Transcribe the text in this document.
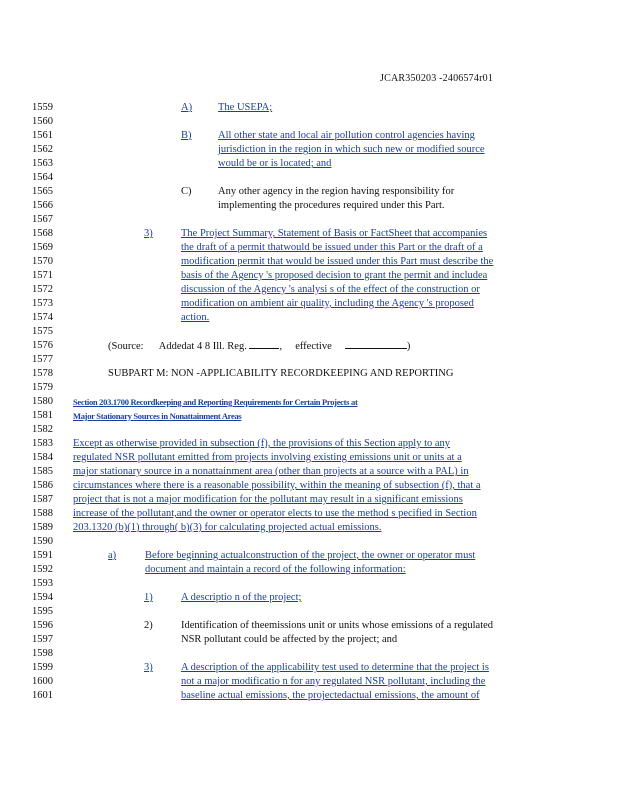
JCAR350203 -2406574r01
1559
1560
1561
1562
1563
1564
1565
1566
1567
1568
1569
1570
1571
1572
1573
1574
1575
1576
1577
1578
1579
1580
1581
1582
1583
1584
1585
1586
1587
1588
1589
1590
1591
1592
1593
1594
1595
1596
1597
1598
1599
1600
1601
A) The USEPA;
B)	All other state and local air pollution control agencies having
jurisdiction in the region in which such new or modified source
would be or is located; and
C)	Any other agency in the region having responsibility for
implementing the procedures required under this Part.
3)	The Project Summary, Statement of Basis or FactSheet that accompanies
the draft of a permit thatwould be issued under this Part or the draft of a
modification permit that would be issued under this Part must describe the
basis of the Agency 's proposed decision to grant the permit and includea
discussion of the Agency 's analysi s of the effect of the construction or
modification on ambient air quality, including the Agency 's proposed
action.
(Source: Addedat 4 8 Ill. Reg.	, effective	)
SUBPART M: NON -APPLICABILITY RECORDKEEPING AND REPORTING
Section 203.1700 Recordkeeping and Reporting Requirements for Certain Projects at
Major Stationary Sources in Nonattainment Areas
Except as otherwise provided in subsection (f), the provisions of this Section apply to any
regulated NSR pollutant emitted from projects involving existing emissions unit or units at a
major stationary source in a nonattainment area (other than projects at a source with a PAL) in
circumstances where there is a reasonable possibility, within the meaning of subsection (f), that a
project that is not a major modification for the pollutant may result in a significant emissions
increase of the pollutant,and the owner or operator elects to use the method s pecified in Section
203.1320 (b)(1) through( b)(3) for calculating projected actual emissions.
a)	Before beginning actualconstruction of the project, the owner or operator must
document and maintain a record of the following information:
1)	A descriptio n of the project;
2)	Identification of theemissions unit or units whose emissions of a regulated
NSR pollutant could be affected by the project; and
3)	A description of the applicability test used to determine that the project is
not a major modificatio n for any regulated NSR pollutant, including the
baseline actual emissions, the projectedactual emissions, the amount of
